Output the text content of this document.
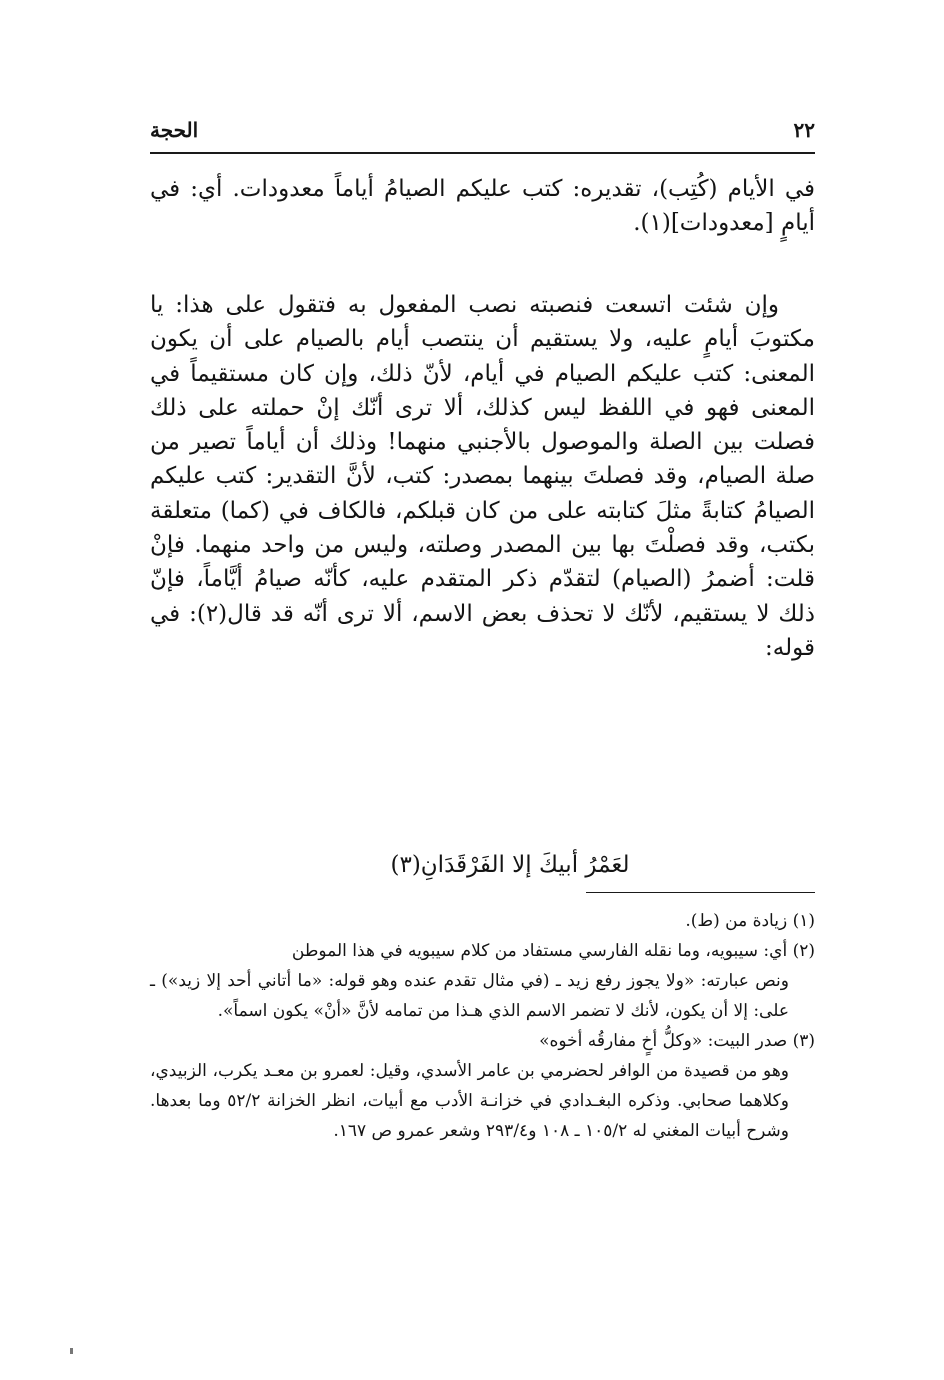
٢٢
الحجة
في الأيام (كُتِب)، تقديره: كتب عليكم الصيامُ أياماً معدودات. أي: في أيامٍ [معدودات](١).
وإن شئت اتسعت فنصبته نصب المفعول به فتقول على هذا: يا مكتوبَ أيامٍ عليه، ولا يستقيم أن ينتصب أيام بالصيام على أن يكون المعنى: كتب عليكم الصيام في أيام، لأنّ ذلك، وإن كان مستقيماً في المعنى فهو في اللفظ ليس كذلك، ألا ترى أنّك إنْ حملته على ذلك فصلت بين الصلة والموصول بالأجنبي منهما! وذلك أن أياماً تصير من صلة الصيام، وقد فصلتَ بينهما بمصدر: كتب، لأنَّ التقدير: كتب عليكم الصيامُ كتابةً مثلَ كتابته على من كان قبلكم، فالكاف في (كما) متعلقة بكتب، وقد فصلْتَ بها بين المصدر وصلته، وليس من واحد منهما. فإنْ قلت: أضمرُ (الصيام) لتقدّم ذكر المتقدم عليه، كأنّه صيامُ أيَّاماً، فإنّ ذلك لا يستقيم، لأنّك لا تحذف بعض الاسم، ألا ترى أنّه قد قال(٢): في قوله:
لعَمْرُ أبيكَ إلا الفَرْقَدَانِ(٣)

(١) زيادة من (ط).

(٢) أي: سيبويه، وما نقله الفارسي مستفاد من كلام سيبويه في هذا الموطن

ونص عبارته: «ولا يجوز رفع زيد ـ (في مثال تقدم عنده وهو قوله: «ما أتاني أحد إلا زيد») ـ على: إلا أن يكون، لأنك لا تضمر الاسم الذي هـذا من تمامه لأنَّ «أنْ» يكون اسماً».

(٣) صدر البيت: «وكلُّ أخٍ مفارقُه أخوه»

وهو من قصيدة من الوافر لحضرمي بن عامر الأسدي، وقيل: لعمرو بن معـد يكرب، الزبيدي، وكلاهما صحابي. وذكره البغـدادي في خزانـة الأدب مع أبيات، انظر الخزانة ٥٢/٢ وما بعدها. وشرح أبيات المغني له ١٠٥/٢ ـ ١٠٨ و٢٩٣/٤ وشعر عمرو ص ١٦٧.
